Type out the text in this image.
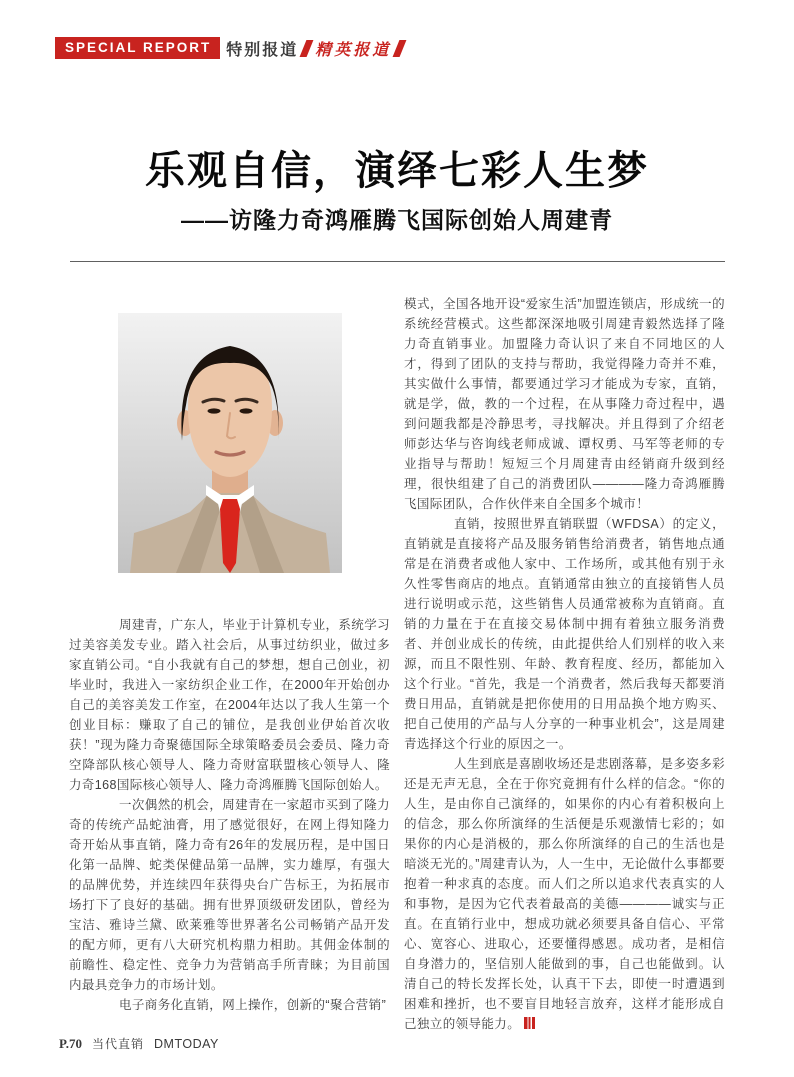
SPECIAL REPORT 特别报道 精英报道
乐观自信，演绎七彩人生梦
——访隆力奇鸿雁腾飞国际创始人周建青

周建青，广东人，毕业于计算机专业，系统学习过美容美发专业。踏入社会后，从事过纺织业，做过多家直销公司。“自小我就有自己的梦想，想自己创业，初毕业时，我进入一家纺织企业工作，在2000年开始创办自己的美容美发工作室，在2004年达以了我人生第一个创业目标：赚取了自己的铺位，是我创业伊始首次收获！”现为隆力奇聚德国际全球策略委员会委员、隆力奇空降部队核心领导人、隆力奇财富联盟核心领导人、隆力奇168国际核心领导人、隆力奇鸿雁腾飞国际创始人。

一次偶然的机会，周建青在一家超市买到了隆力奇的传统产品蛇油膏，用了感觉很好，在网上得知隆力奇开始从事直销，隆力奇有26年的发展历程，是中国日化第一品牌、蛇类保健品第一品牌，实力雄厚，有强大的品牌优势，并连续四年获得央台广告标王，为拓展市场打下了良好的基础。拥有世界顶级研发团队，曾经为宝洁、雅诗兰黛、欧莱雅等世界著名公司畅销产品开发的配方师，更有八大研究机构鼎力相助。其佣金体制的前瞻性、稳定性、竞争力为营销高手所青睐；为目前国内最具竞争力的市场计划。

电子商务化直销，网上操作，创新的“聚合营销”

模式，全国各地开设“爱家生活”加盟连锁店，形成统一的系统经营模式。这些都深深地吸引周建青毅然选择了隆力奇直销事业。加盟隆力奇认识了来自不同地区的人才，得到了团队的支持与帮助，我觉得隆力奇并不难，其实做什么事情，都要通过学习才能成为专家，直销，就是学，做，教的一个过程，在从事隆力奇过程中，遇到问题我都是冷静思考，寻找解决。并且得到了介绍老师彭达华与咨询线老师成诚、谭权勇、马军等老师的专业指导与帮助！短短三个月周建青由经销商升级到经理，很快组建了自己的消费团队————隆力奇鸿雁腾飞国际团队，合作伙伴来自全国多个城市！

直销，按照世界直销联盟（WFDSA）的定义，直销就是直接将产品及服务销售给消费者，销售地点通常是在消费者或他人家中、工作场所，或其他有别于永久性零售商店的地点。直销通常由独立的直接销售人员进行说明或示范，这些销售人员通常被称为直销商。直销的力量在于在直接交易体制中拥有着独立服务消费者、并创业成长的传统，由此提供给人们别样的收入来源，而且不限性别、年龄、教育程度、经历，都能加入这个行业。“首先，我是一个消费者，然后我每天都要消费日用品，直销就是把你使用的日用品换个地方购买、把自己使用的产品与人分享的一种事业机会”，这是周建青选择这个行业的原因之一。

人生到底是喜剧收场还是悲剧落幕，是多姿多彩还是无声无息，全在于你究竟拥有什么样的信念。“你的人生，是由你自己演绎的，如果你的内心有着积极向上的信念，那么你所演绎的生活便是乐观激情七彩的；如果你的内心是消极的，那么你所演绎的自己的生活也是暗淡无光的。”周建青认为，人一生中，无论做什么事都要抱着一种求真的态度。而人们之所以追求代表真实的人和事物，是因为它代表着最高的美德————诚实与正直。在直销行业中，想成功就必须要具备自信心、平常心、宽容心、进取心，还要懂得感恩。成功者，是相信自身潜力的，坚信别人能做到的事，自己也能做到。认清自己的特长发挥长处，认真干下去，即使一时遭遇到困难和挫折，也不要盲目地轻言放弃，这样才能形成自己独立的领导能力。

P.70 当代直销 DMTODAY
